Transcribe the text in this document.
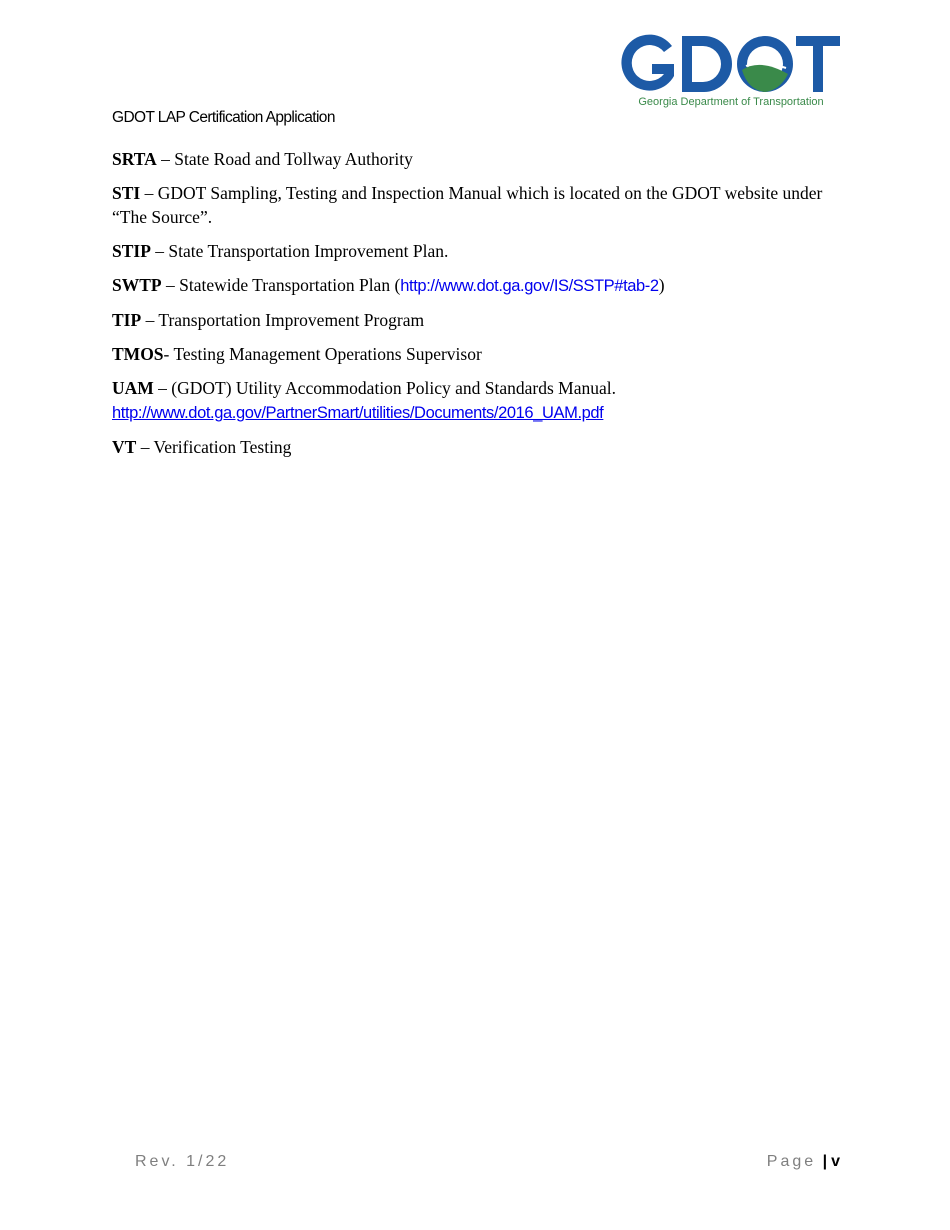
Georgia Department of Transportation
GDOT LAP Certification Application

SRTA – State Road and Tollway Authority

STI – GDOT Sampling, Testing and Inspection Manual which is located on the GDOT website under “The Source”.

STIP – State Transportation Improvement Plan.

SWTP – Statewide Transportation Plan (http://www.dot.ga.gov/IS/SSTP#tab-2)

TIP – Transportation Improvement Program

TMOS- Testing Management Operations Supervisor

UAM – (GDOT) Utility Accommodation Policy and Standards Manual.
http://www.dot.ga.gov/PartnerSmart/utilities/Documents/2016_UAM.pdf

VT – Verification Testing

Rev. 1/22	Page | v
